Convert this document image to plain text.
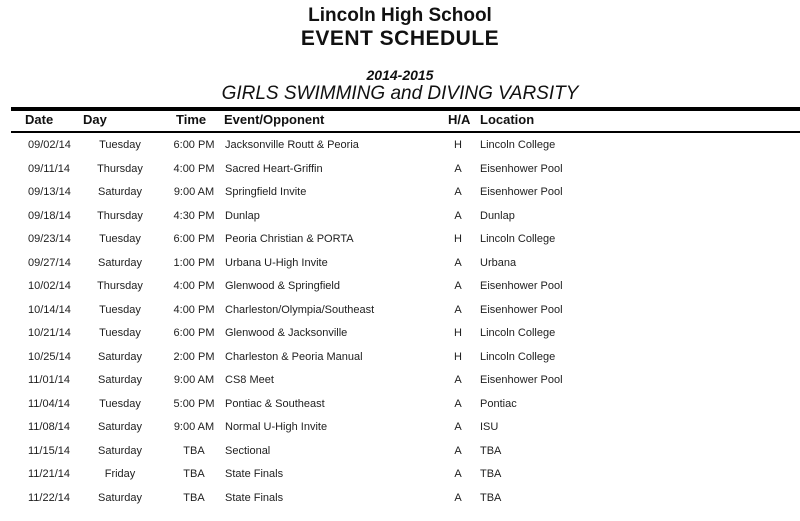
Lincoln High School
EVENT SCHEDULE
2014-2015
GIRLS SWIMMING and DIVING VARSITY
Date Day	Time Event/Opponent	H/A Location
09/02/14	Tuesday	6:00 PM Jacksonville Routt & Peoria	H	Lincoln College
09/11/14	Thursday	4:00 PM Sacred Heart-Griffin	A	Eisenhower Pool
09/13/14	Saturday	9:00 AM Springfield Invite	A	Eisenhower Pool
09/18/14	Thursday	4:30 PM Dunlap	A	Dunlap
09/23/14	Tuesday	6:00 PM Peoria Christian & PORTA	H	Lincoln College
09/27/14	Saturday	1:00 PM Urbana U-High Invite	A	Urbana
10/02/14	Thursday	4:00 PM Glenwood & Springfield	A	Eisenhower Pool
10/14/14	Tuesday	4:00 PM Charleston/Olympia/Southeast	A	Eisenhower Pool
10/21/14	Tuesday	6:00 PM Glenwood & Jacksonville	H	Lincoln College
10/25/14	Saturday	2:00 PM Charleston & Peoria Manual	H	Lincoln College
11/01/14	Saturday	9:00 AM CS8 Meet	A	Eisenhower Pool
11/04/14	Tuesday	5:00 PM Pontiac & Southeast	A	Pontiac
11/08/14	Saturday	9:00 AM Normal U-High Invite	A	ISU
11/15/14	Saturday	TBA	Sectional	A	TBA
11/21/14	Friday	TBA	State Finals	A	TBA
11/22/14	Saturday	TBA	State Finals	A	TBA
